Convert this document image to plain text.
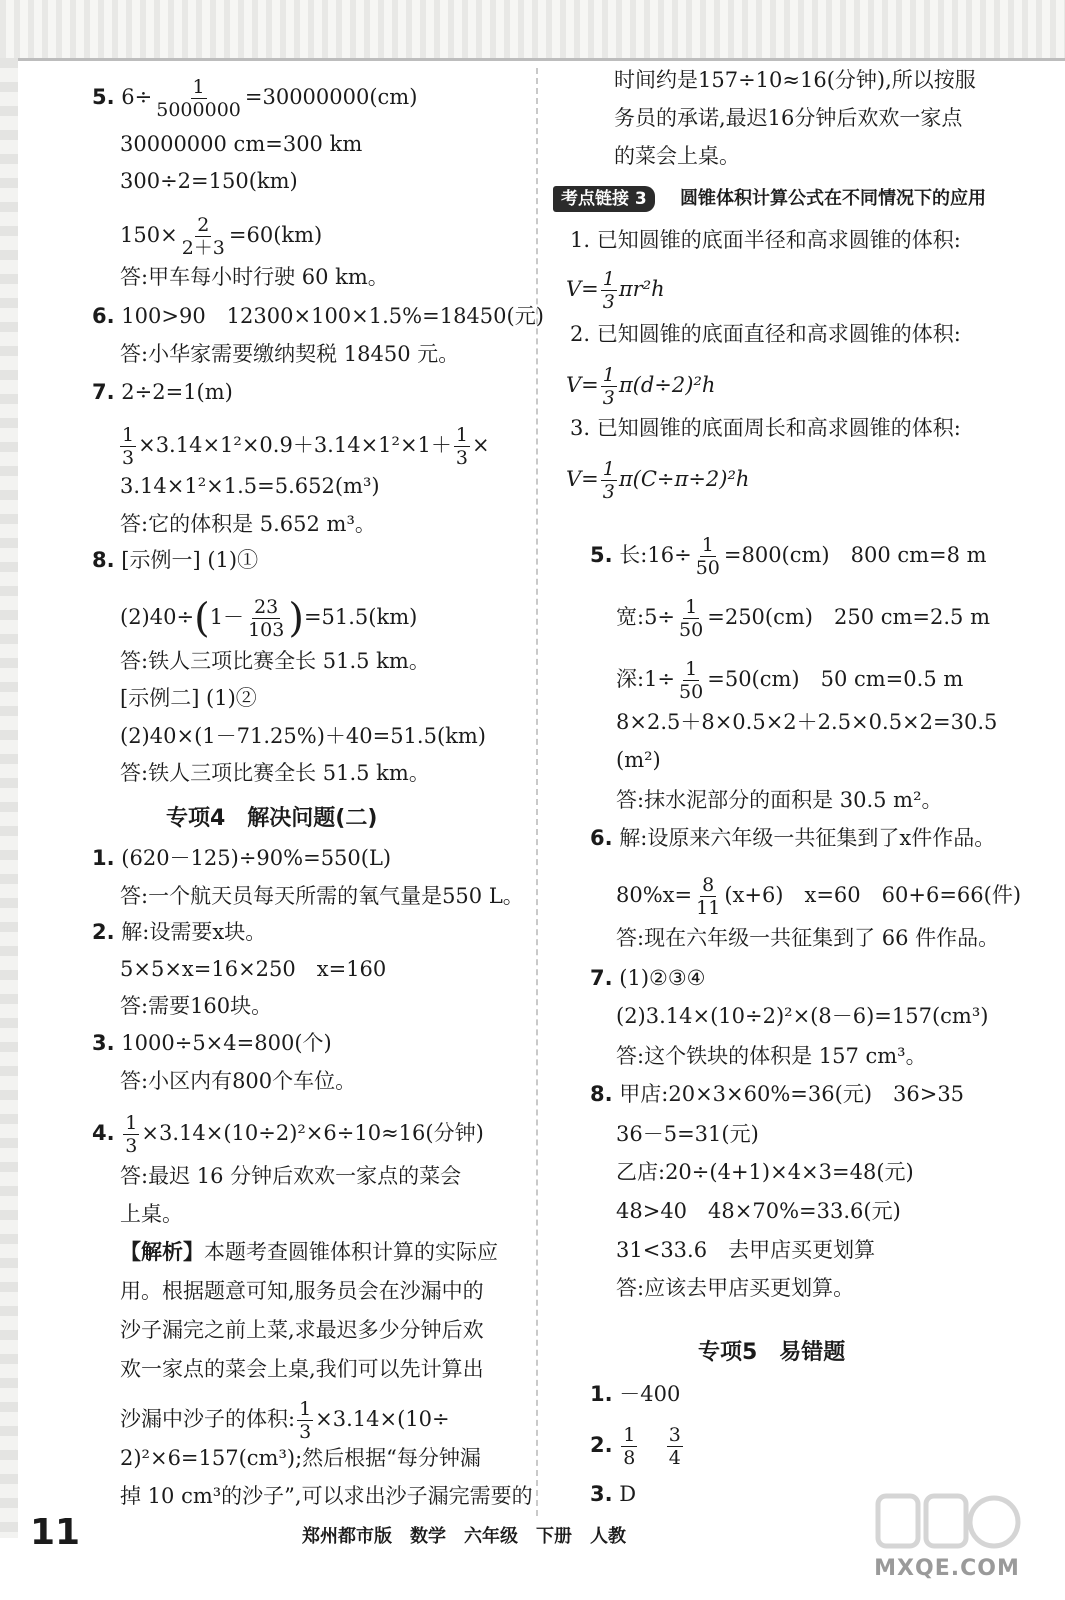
5. $6\div \frac{1}{5000000} =30000000(cm)$
30000000 cm=300 km
300÷2=150(km)
$150\times \frac{2}{2+3} =60(km)$
答:甲车每小时行驶 60 km。
6. 100>90　12300×100×1.5%=18450(元)
答:小华家需要缴纳契税 18450 元。
7. 2÷2=1(m)
$\frac{1}{3} \times 3.14\times 1^2\times 0.9+3.14\times 1^2\times 1+ \frac{1}{3}$ ×
3.14×1²×1.5=5.652(m³)
答:它的体积是 5.652 m³。
8. [示例一] (1)①
$(2)40\div(1- \frac{23}{103} )=51.5(km)$
答:铁人三项比赛全长 51.5 km。
[示例二] (1)②
(2)40×(1－71.25%)＋40=51.5(km)
答:铁人三项比赛全长 51.5 km。
专项4　解决问题(二)
1. (620－125)÷90%=550(L)
答:一个航天员每天所需的氧气量是550 L。
2. 解:设需要x块。
5×5×x=16×250　x=160
答:需要160块。
3. 1000÷5×4=800(个)
答:小区内有800个车位。
4. $\frac{1}{3} \times 3.14\times(10\div 2)^2\times 6\div 10\approx 16$(分钟)
答:最迟 16 分钟后欢欢一家点的菜会
上桌。
【解析】本题考查圆锥体积计算的实际应
用。根据题意可知,服务员会在沙漏中的
沙子漏完之前上菜,求最迟多少分钟后欢
欢一家点的菜会上桌,我们可以先计算出
沙漏中沙子的体积: $\frac{1}{3} \times 3.14\times(10\div$
2)²×6=157(cm³);然后根据“每分钟漏
掉 10 cm³的沙子”,可以求出沙子漏完需要的
时间约是157÷10≈16(分钟),所以按服
务员的承诺,最迟16分钟后欢欢一家点
的菜会上桌。
考点链接 3	圆锥体积计算公式在不同情况下的应用
1. 已知圆锥的底面半径和高求圆锥的体积:
$V= \frac{1}{3} \pi r^2h$
2. 已知圆锥的底面直径和高求圆锥的体积:
$V= \frac{1}{3} \pi(d\div 2)^2h$
3. 已知圆锥的底面周长和高求圆锥的体积:
$V= \frac{1}{3} \pi(C\div\pi\div 2)^2h$
5. 长:16÷ $\frac{1}{50} =800(cm)$　800 cm=8 m
宽:5÷ $\frac{1}{50} =250(cm)$　250 cm=2.5 m
深:1÷ $\frac{1}{50} =50(cm)$　50 cm=0.5 m
8×2.5＋8×0.5×2＋2.5×0.5×2=30.5
(m²)
答:抹水泥部分的面积是 30.5 m²。
6. 解:设原来六年级一共征集到了x件作品。
$80\%x= \frac{8}{11} (x+6)$　x=60　60+6=66(件)
答:现在六年级一共征集到了 66 件作品。
7. (1)②③④
(2)3.14×(10÷2)²×(8－6)=157(cm³)
答:这个铁块的体积是 157 cm³。
8. 甲店:20×3×60%=36(元)　36>35
36－5=31(元)
乙店:20÷(4+1)×4×3=48(元)
48>40　48×70%=33.6(元)
31<33.6　去甲店买更划算
答:应该去甲店买更划算。
专项5　易错题
1. －400
2. $\frac{1}{8}$
$\frac{3}{4}$
3. D
11	郑州都市版　数学　六年级　下册　人教
MXQE.COM
